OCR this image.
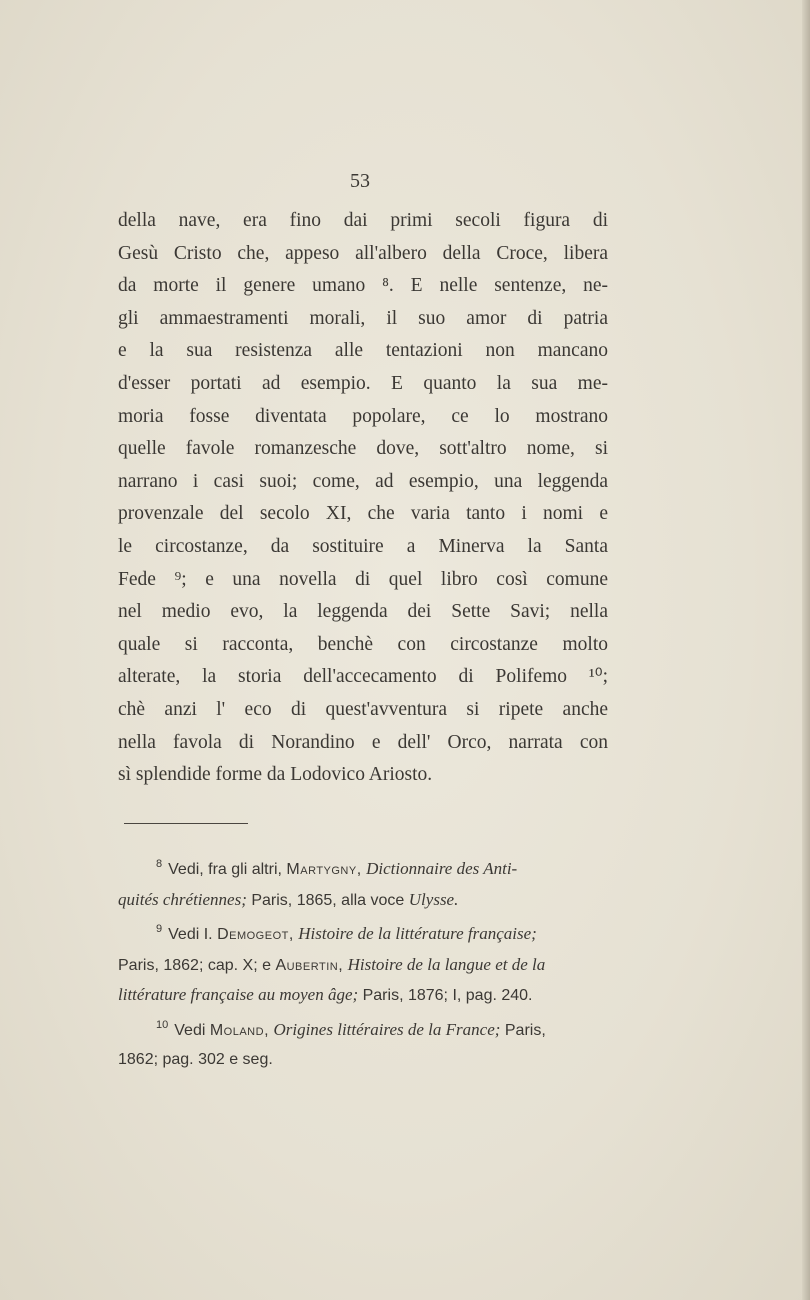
53
della nave, era fino dai primi secoli figura di
Gesù Cristo che, appeso all'albero della Croce, libera
da morte il genere umano ⁸. E nelle sentenze, ne-
gli ammaestramenti morali, il suo amor di patria
e la sua resistenza alle tentazioni non mancano
d'esser portati ad esempio. E quanto la sua me-
moria fosse diventata popolare, ce lo mostrano
quelle favole romanzesche dove, sott'altro nome, si
narrano i casi suoi; come, ad esempio, una leggenda
provenzale del secolo XI, che varia tanto i nomi e
le circostanze, da sostituire a Minerva la Santa
Fede ⁹; e una novella di quel libro così comune
nel medio evo, la leggenda dei Sette Savi; nella
quale si racconta, benchè con circostanze molto
alterate, la storia dell'accecamento di Polifemo ¹⁰;
chè anzi l' eco di quest'avventura si ripete anche
nella favola di Norandino e dell' Orco, narrata con
sì splendide forme da Lodovico Ariosto.
$^8$ Vedi, fra gli altri, Martygny, Dictionnaire des Anti-
quités chrétiennes; Paris, 1865, alla voce Ulysse.
$^9$ Vedi I. Demogeot, Histoire de la littérature française;
Paris, 1862; cap. X; e Aubertin, Histoire de la langue et de la
littérature française au moyen âge; Paris, 1876; I, pag. 240.
$^{10}$ Vedi Moland, Origines littéraires de la France; Paris,
1862; pag. 302 e seg.
